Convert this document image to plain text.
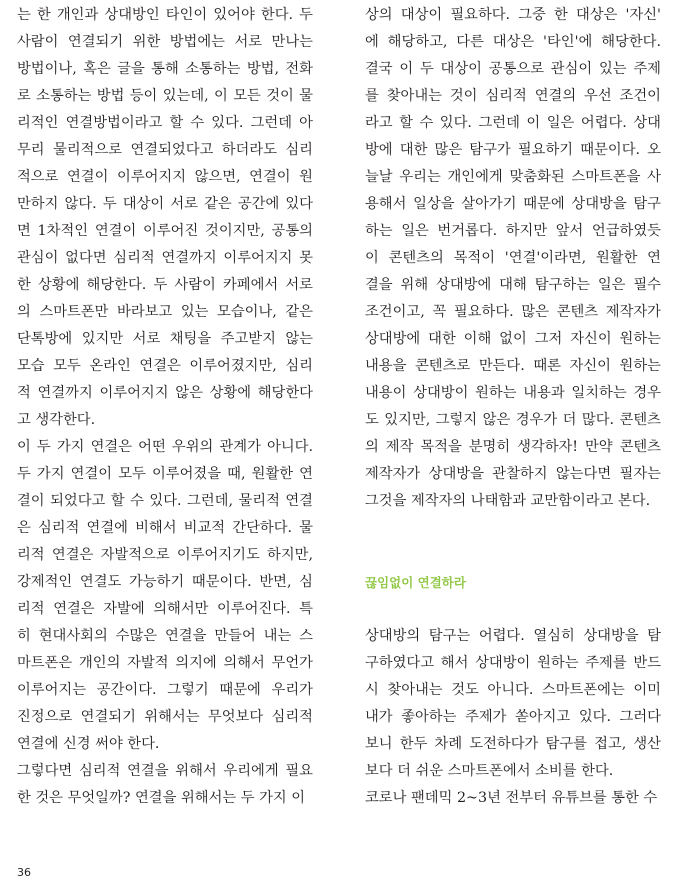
는 한 개인과 상대방인 타인이 있어야 한다. 두
사람이 연결되기 위한 방법에는 서로 만나는
방법이나, 혹은 글을 통해 소통하는 방법, 전화
로 소통하는 방법 등이 있는데, 이 모든 것이 물
리적인 연결방법이라고 할 수 있다. 그런데 아
무리 물리적으로 연결되었다고 하더라도 심리
적으로 연결이 이루어지지 않으면, 연결이 원
만하지 않다. 두 대상이 서로 같은 공간에 있다
면 1차적인 연결이 이루어진 것이지만, 공통의
관심이 없다면 심리적 연결까지 이루어지지 못
한 상황에 해당한다. 두 사람이 카페에서 서로
의 스마트폰만 바라보고 있는 모습이나, 같은
단톡방에 있지만 서로 채팅을 주고받지 않는
모습 모두 온라인 연결은 이루어졌지만, 심리
적 연결까지 이루어지지 않은 상황에 해당한다
고 생각한다.
이 두 가지 연결은 어떤 우위의 관계가 아니다.
두 가지 연결이 모두 이루어졌을 때, 원활한 연
결이 되었다고 할 수 있다. 그런데, 물리적 연결
은 심리적 연결에 비해서 비교적 간단하다. 물
리적 연결은 자발적으로 이루어지기도 하지만,
강제적인 연결도 가능하기 때문이다. 반면, 심
리적 연결은 자발에 의해서만 이루어진다. 특
히 현대사회의 수많은 연결을 만들어 내는 스
마트폰은 개인의 자발적 의지에 의해서 무언가
이루어지는 공간이다. 그렇기 때문에 우리가
진정으로 연결되기 위해서는 무엇보다 심리적
연결에 신경 써야 한다.
그렇다면 심리적 연결을 위해서 우리에게 필요
한 것은 무엇일까? 연결을 위해서는 두 가지 이
상의 대상이 필요하다. 그중 한 대상은 '자신'
에 해당하고, 다른 대상은 '타인'에 해당한다.
결국 이 두 대상이 공통으로 관심이 있는 주제
를 찾아내는 것이 심리적 연결의 우선 조건이
라고 할 수 있다. 그런데 이 일은 어렵다. 상대
방에 대한 많은 탐구가 필요하기 때문이다. 오
늘날 우리는 개인에게 맞춤화된 스마트폰을 사
용해서 일상을 살아가기 때문에 상대방을 탐구
하는 일은 번거롭다. 하지만 앞서 언급하였듯
이 콘텐츠의 목적이 '연결'이라면, 원활한 연
결을 위해 상대방에 대해 탐구하는 일은 필수
조건이고, 꼭 필요하다. 많은 콘텐츠 제작자가
상대방에 대한 이해 없이 그저 자신이 원하는
내용을 콘텐츠로 만든다. 때론 자신이 원하는
내용이 상대방이 원하는 내용과 일치하는 경우
도 있지만, 그렇지 않은 경우가 더 많다. 콘텐츠
의 제작 목적을 분명히 생각하자! 만약 콘텐츠
제작자가 상대방을 관찰하지 않는다면 필자는
그것을 제작자의 나태함과 교만함이라고 본다.
끊임없이 연결하라
상대방의 탐구는 어렵다. 열심히 상대방을 탐
구하였다고 해서 상대방이 원하는 주제를 반드
시 찾아내는 것도 아니다. 스마트폰에는 이미
내가 좋아하는 주제가 쏟아지고 있다. 그러다
보니 한두 차례 도전하다가 탐구를 접고, 생산
보다 더 쉬운 스마트폰에서 소비를 한다.
코로나 팬데믹 2~3년 전부터 유튜브를 통한 수
36
